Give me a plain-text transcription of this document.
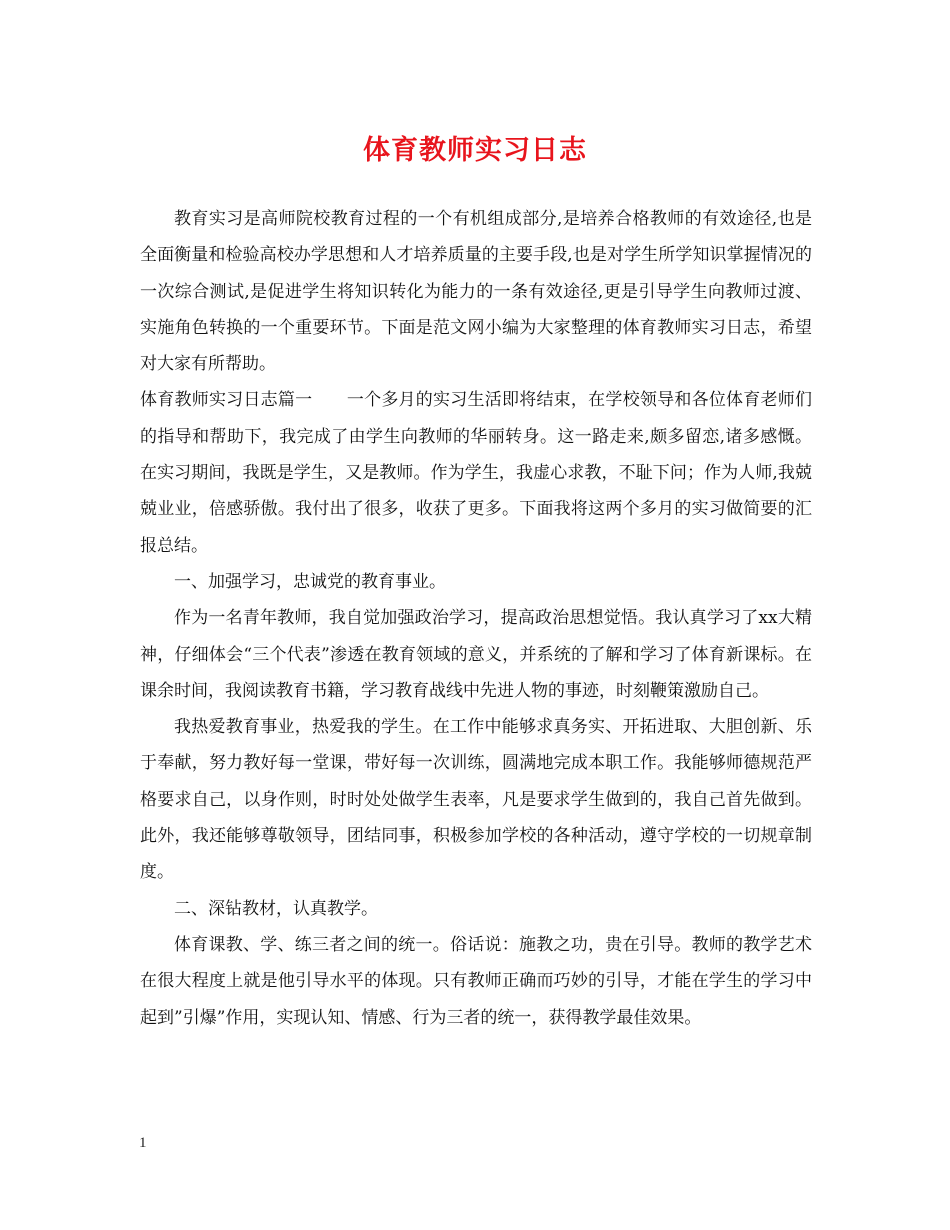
体育教师实习日志

教育实习是高师院校教育过程的一个有机组成部分,是培养合格教师的有效途径,也是全面衡量和检验高校办学思想和人才培养质量的主要手段,也是对学生所学知识掌握情况的一次综合测试,是促进学生将知识转化为能力的一条有效途径,更是引导学生向教师过渡、实施角色转换的一个重要环节。下面是范文网小编为大家整理的体育教师实习日志，希望对大家有所帮助。

体育教师实习日志篇一　　一个多月的实习生活即将结束，在学校领导和各位体育老师们的指导和帮助下，我完成了由学生向教师的华丽转身。这一路走来,颇多留恋,诸多感慨。在实习期间，我既是学生，又是教师。作为学生，我虚心求教，不耻下问；作为人师,我兢兢业业，倍感骄傲。我付出了很多，收获了更多。下面我将这两个多月的实习做简要的汇报总结。

一、加强学习，忠诚党的教育事业。

作为一名青年教师，我自觉加强政治学习，提高政治思想觉悟。我认真学习了xx大精神，仔细体会“三个代表”渗透在教育领域的意义，并系统的了解和学习了体育新课标。在课余时间，我阅读教育书籍，学习教育战线中先进人物的事迹，时刻鞭策激励自己。

我热爱教育事业，热爱我的学生。在工作中能够求真务实、开拓进取、大胆创新、乐于奉献，努力教好每一堂课，带好每一次训练，圆满地完成本职工作。我能够师德规范严格要求自己，以身作则，时时处处做学生表率，凡是要求学生做到的，我自己首先做到。此外，我还能够尊敬领导，团结同事，积极参加学校的各种活动，遵守学校的一切规章制度。

二、深钻教材，认真教学。

体育课教、学、练三者之间的统一。俗话说：施教之功，贵在引导。教师的教学艺术在很大程度上就是他引导水平的体现。只有教师正确而巧妙的引导，才能在学生的学习中起到”引爆”作用，实现认知、情感、行为三者的统一，获得教学最佳效果。

1
